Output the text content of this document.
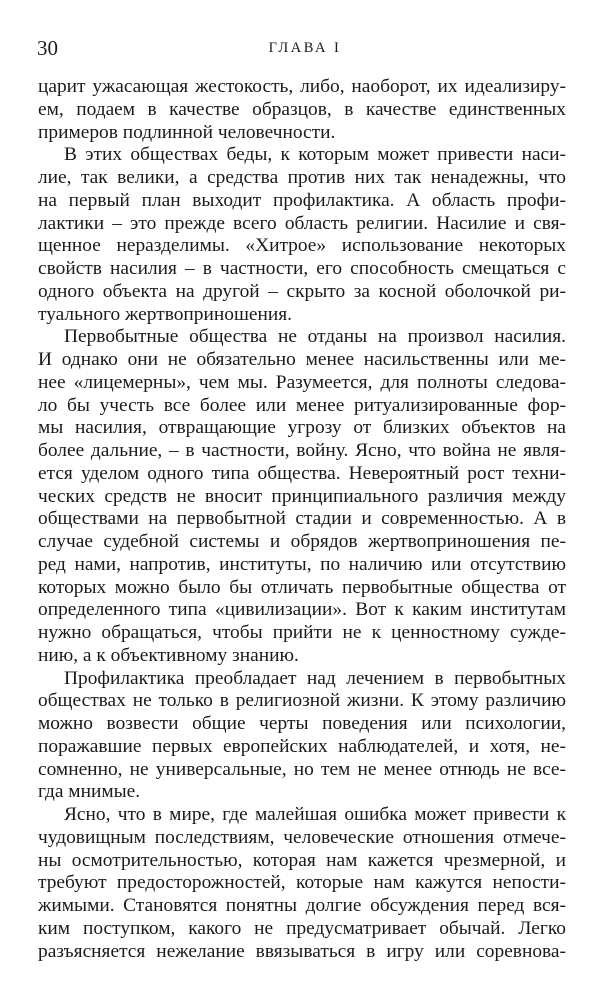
30	ГЛАВА I
царит ужасающая жестокость, либо, наоборот, их идеализиру-
ем, подаем в качестве образцов, в качестве единственных
примеров подлинной человечности.
В этих обществах беды, к которым может привести наси-
лие, так велики, а средства против них так ненадежны, что
на первый план выходит профилактика. А область профи-
лактики – это прежде всего область религии. Насилие и свя-
щенное неразделимы. «Хитрое» использование некоторых
свойств насилия – в частности, его способность смещаться с
одного объекта на другой – скрыто за косной оболочкой ри-
туального жертвоприношения.
Первобытные общества не отданы на произвол насилия.
И однако они не обязательно менее насильственны или ме-
нее «лицемерны», чем мы. Разумеется, для полноты следова-
ло бы учесть все более или менее ритуализированные фор-
мы насилия, отвращающие угрозу от близких объектов на
более дальние, – в частности, войну. Ясно, что война не явля-
ется уделом одного типа общества. Невероятный рост техни-
ческих средств не вносит принципиального различия между
обществами на первобытной стадии и современностью. А в
случае судебной системы и обрядов жертвоприношения пе-
ред нами, напротив, институты, по наличию или отсутствию
которых можно было бы отличать первобытные общества от
определенного типа «цивилизации». Вот к каким институтам
нужно обращаться, чтобы прийти не к ценностному сужде-
нию, а к объективному знанию.
Профилактика преобладает над лечением в первобытных
обществах не только в религиозной жизни. К этому различию
можно возвести общие черты поведения или психологии,
поражавшие первых европейских наблюдателей, и хотя, не-
сомненно, не универсальные, но тем не менее отнюдь не все-
гда мнимые.
Ясно, что в мире, где малейшая ошибка может привести к
чудовищным последствиям, человеческие отношения отмече-
ны осмотрительностью, которая нам кажется чрезмерной, и
требуют предосторожностей, которые нам кажутся непости-
жимыми. Становятся понятны долгие обсуждения перед вся-
ким поступком, какого не предусматривает обычай. Легко
разъясняется нежелание ввязываться в игру или соревнова-
